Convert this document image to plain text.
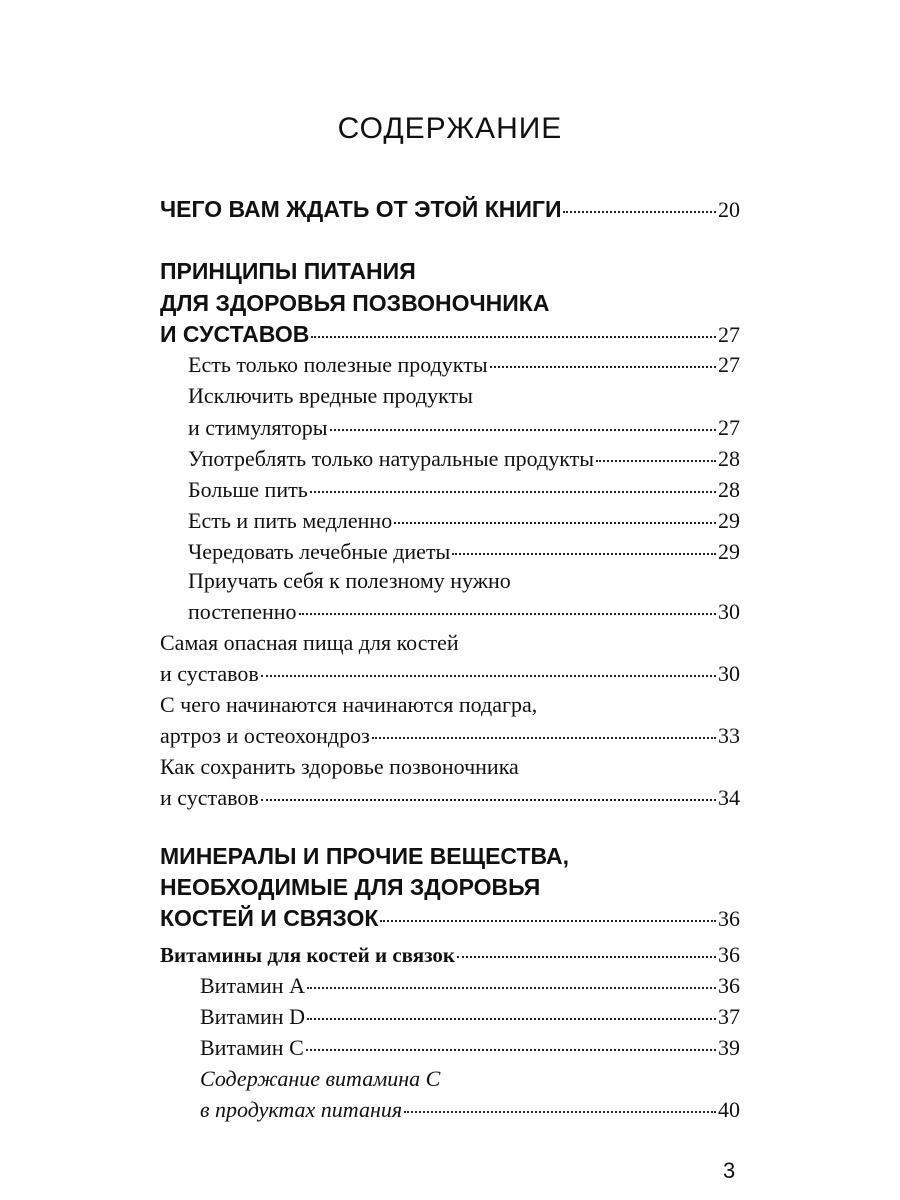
СОДЕРЖАНИЕ
ЧЕГО ВАМ ЖДАТЬ ОТ ЭТОЙ КНИГИ	20
ПРИНЦИПЫ ПИТАНИЯ
ДЛЯ ЗДОРОВЬЯ ПОЗВОНОЧНИКА
И СУСТАВОВ	27
Есть только полезные продукты	27
Исключить вредные продукты
и стимуляторы	27
Употреблять только натуральные продукты	28
Больше пить	28
Есть и пить медленно	29
Чередовать лечебные диеты	29
Приучать себя к полезному нужно
постепенно	30
Самая опасная пища для костей
и суставов	30
С чего начинаются начинаются подагра,
артроз и остеохондроз	33
Как сохранить здоровье позвоночника
и суставов	34
МИНЕРАЛЫ И ПРОЧИЕ ВЕЩЕСТВА,
НЕОБХОДИМЫЕ ДЛЯ ЗДОРОВЬЯ
КОСТЕЙ И СВЯЗОК	36
Витамины для костей и связок	36
Витамин А	36
Витамин D	37
Витамин С	39
Содержание витамина С
в продуктах питания	40
3
